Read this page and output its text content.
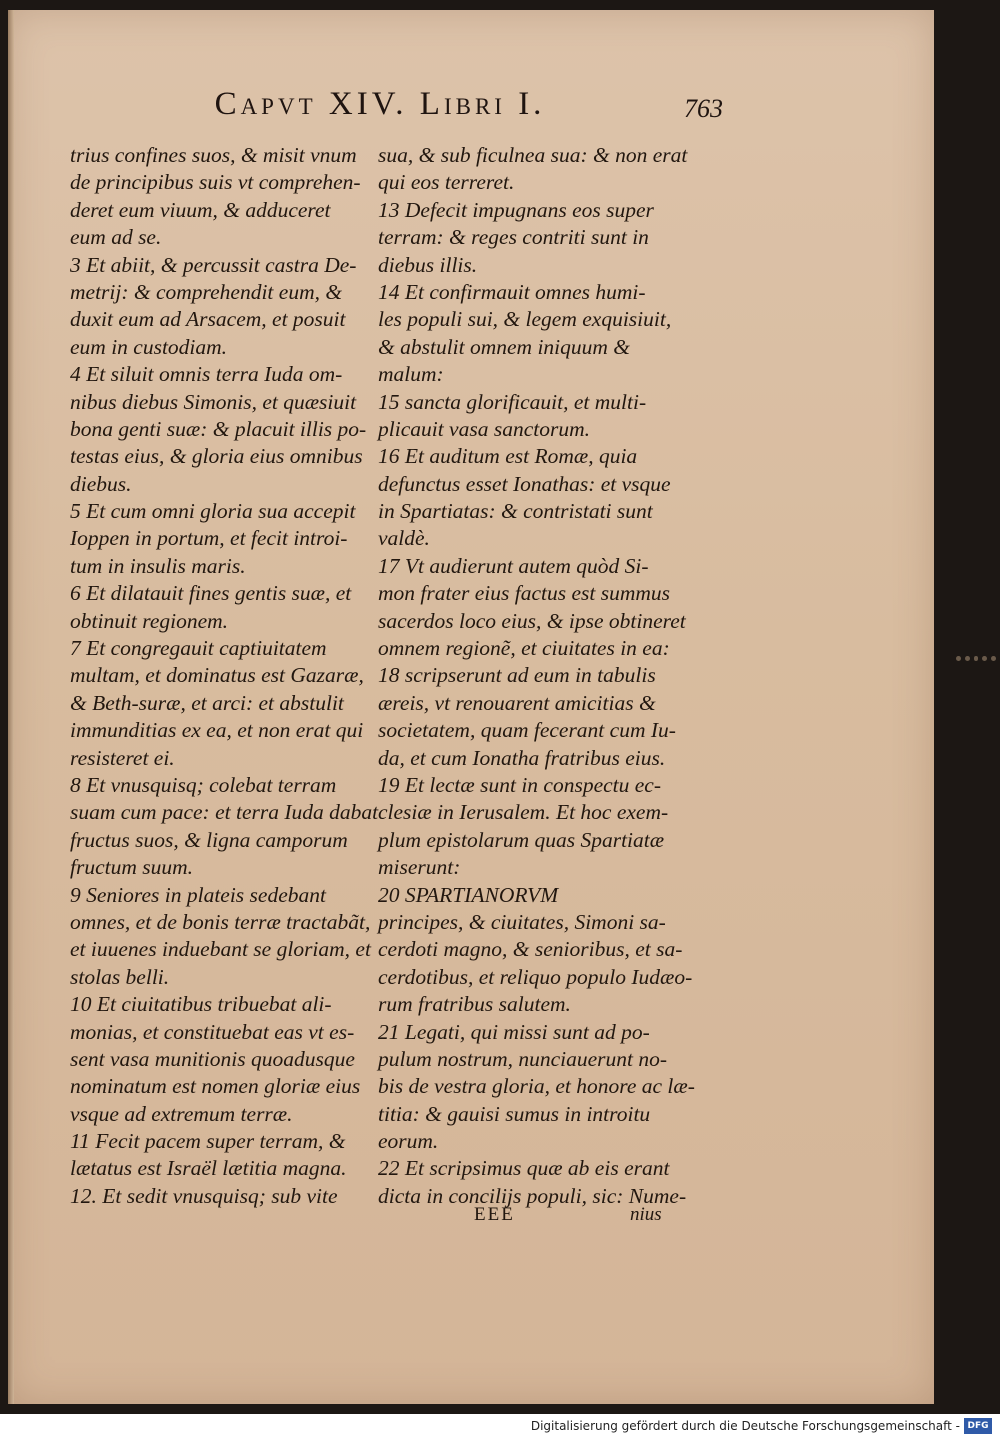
Capvt XIV. Libri I.	763
trius confines suos, & misit vnum
de principibus suis vt comprehen-
deret eum viuum, & adduceret
eum ad se.
3 Et abiit, & percussit castra De-
metrij: & comprehendit eum, &
duxit eum ad Arsacem, et posuit
eum in custodiam.
4 Et siluit omnis terra Iuda om-
nibus diebus Simonis, et quæsiuit
bona genti suæ: & placuit illis po-
testas eius, & gloria eius omnibus
diebus.
5 Et cum omni gloria sua accepit
Ioppen in portum, et fecit introi-
tum in insulis maris.
6 Et dilatauit fines gentis suæ, et
obtinuit regionem.
7 Et congregauit captiuitatem
multam, et dominatus est Gazaræ,
& Beth-suræ, et arci: et abstulit
immunditias ex ea, et non erat qui
resisteret ei.
8 Et vnusquisq; colebat terram
suam cum pace: et terra Iuda dabat
fructus suos, & ligna camporum
fructum suum.
9 Seniores in plateis sedebant
omnes, et de bonis terræ tractabãt,
et iuuenes induebant se gloriam, et
stolas belli.
10 Et ciuitatibus tribuebat ali-
monias, et constituebat eas vt es-
sent vasa munitionis quoadusque
nominatum est nomen gloriæ eius
vsque ad extremum terræ.
11 Fecit pacem super terram, &
lætatus est Israël lætitia magna.
12. Et sedit vnusquisq; sub vite
sua, & sub ficulnea sua: & non erat
qui eos terreret.
13 Defecit impugnans eos super
terram: & reges contriti sunt in
diebus illis.
14 Et confirmauit omnes humi-
les populi sui, & legem exquisiuit,
& abstulit omnem iniquum &
malum:
15 sancta glorificauit, et multi-
plicauit vasa sanctorum.
16 Et auditum est Romæ, quia
defunctus esset Ionathas: et vsque
in Spartiatas: & contristati sunt
valdè.
17 Vt audierunt autem quòd Si-
mon frater eius factus est summus
sacerdos loco eius, & ipse obtineret
omnem regionẽ, et ciuitates in ea:
18 scripserunt ad eum in tabulis
æreis, vt renouarent amicitias &
societatem, quam fecerant cum Iu-
da, et cum Ionatha fratribus eius.
19 Et lectæ sunt in conspectu ec-
clesiæ in Ierusalem. Et hoc exem-
plum epistolarum quas Spartiatæ
miserunt:
20 SPARTIANORVM
principes, & ciuitates, Simoni sa-
cerdoti magno, & senioribus, et sa-
cerdotibus, et reliquo populo Iudæo-
rum fratribus salutem.
21 Legati, qui missi sunt ad po-
pulum nostrum, nunciauerunt no-
bis de vestra gloria, et honore ac læ-
titia: & gauisi sumus in introitu
eorum.
22 Et scripsimus quæ ab eis erant
dicta in concilijs populi, sic: Nume-
EEE	nius
Digitalisierung gefördert durch die Deutsche Forschungsgemeinschaft - DFG
